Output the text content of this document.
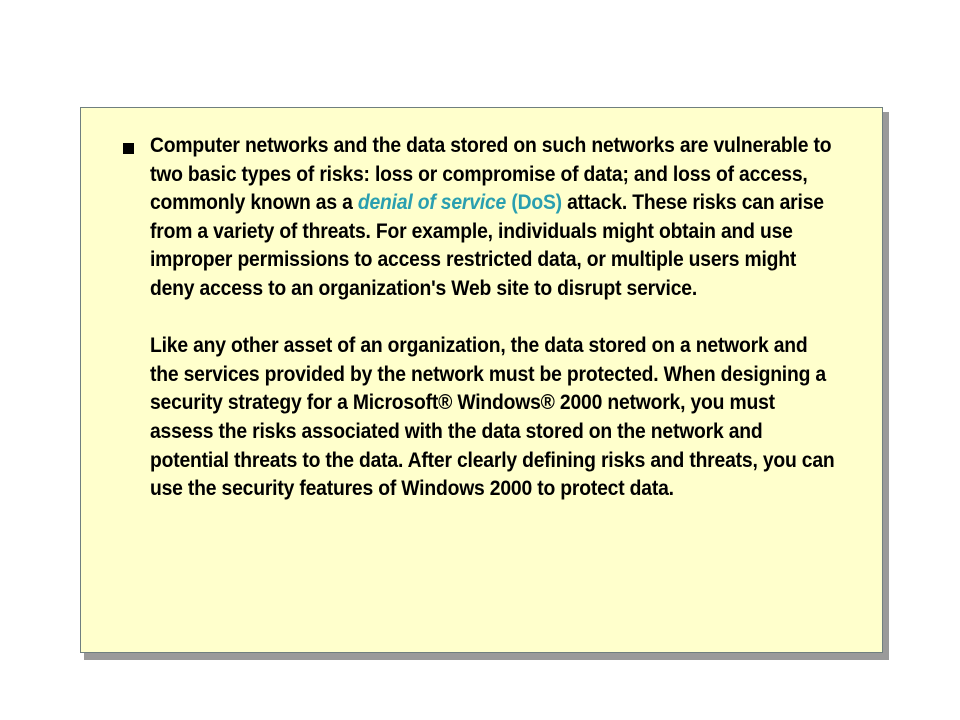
Computer networks and the data stored on such networks are vulnerable to two basic types of risks: loss or compromise of data; and loss of access, commonly known as a denial of service (DoS) attack. These risks can arise from a variety of threats. For example, individuals might obtain and use improper permissions to access restricted data, or multiple users might deny access to an organization's Web site to disrupt service.

Like any other asset of an organization, the data stored on a network and the services provided by the network must be protected. When designing a security strategy for a Microsoft® Windows® 2000 network, you must assess the risks associated with the data stored on the network and potential threats to the data. After clearly defining risks and threats, you can use the security features of Windows 2000 to protect data.
